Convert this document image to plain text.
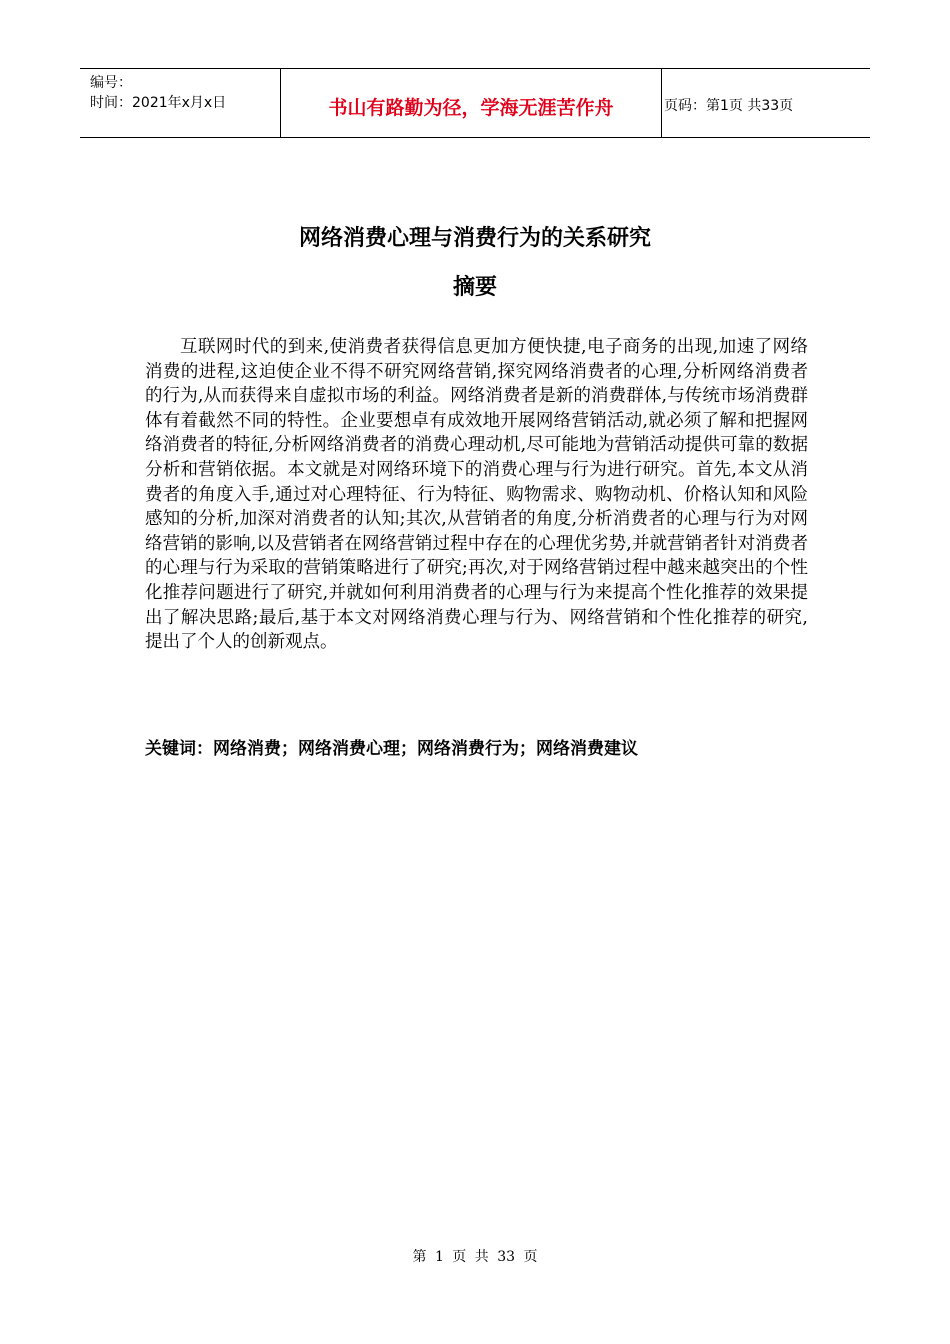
编号：
时间：2021年x月x日	书山有路勤为径，学海无涯苦作舟	页码：第1页 共33页
网络消费心理与消费行为的关系研究
摘要

互联网时代的到来,使消费者获得信息更加方便快捷,电子商务的出现,加速了网络消费的进程,这迫使企业不得不研究网络营销,探究网络消费者的心理,分析网络消费者的行为,从而获得来自虚拟市场的利益。网络消费者是新的消费群体,与传统市场消费群体有着截然不同的特性。企业要想卓有成效地开展网络营销活动,就必须了解和把握网络消费者的特征,分析网络消费者的消费心理动机,尽可能地为营销活动提供可靠的数据分析和营销依据。本文就是对网络环境下的消费心理与行为进行研究。首先,本文从消费者的角度入手,通过对心理特征、行为特征、购物需求、购物动机、价格认知和风险感知的分析,加深对消费者的认知;其次,从营销者的角度,分析消费者的心理与行为对网络营销的影响,以及营销者在网络营销过程中存在的心理优劣势,并就营销者针对消费者的心理与行为采取的营销策略进行了研究;再次,对于网络营销过程中越来越突出的个性化推荐问题进行了研究,并就如何利用消费者的心理与行为来提高个性化推荐的效果提出了解决思路;最后,基于本文对网络消费心理与行为、网络营销和个性化推荐的研究,提出了个人的创新观点。

关键词：网络消费；网络消费心理；网络消费行为；网络消费建议
第 1 页 共 33 页
